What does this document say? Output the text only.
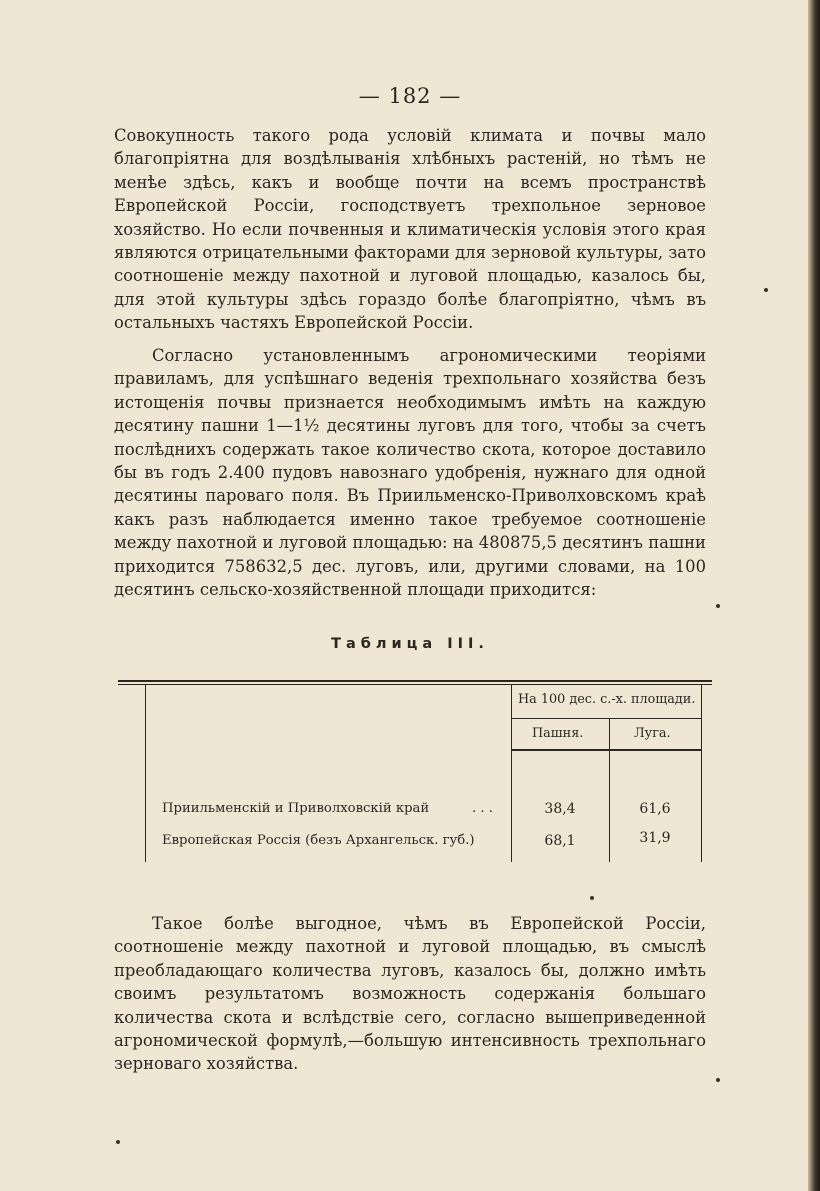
— 182 —

Совокупность такого рода условій климата и почвы мало благопріятна для воздѣлыванія хлѣбныхъ растеній, но тѣмъ не менѣе здѣсь, какъ и вообще почти на всемъ пространствѣ Европейской Россіи, господствуетъ трехпольное зерновое хозяйство. Но если почвенныя и климатическія условія этого края являются отрицательными факторами для зерновой культуры, зато соотношеніе между пахотной и луговой площадью, казалось бы, для этой культуры здѣсь гораздо болѣе благопріятно, чѣмъ въ остальныхъ частяхъ Европейской Россіи.

Согласно установленнымъ агрономическими теоріями правиламъ, для успѣшнаго веденія трехпольнаго хозяйства безъ истощенія почвы признается необходимымъ имѣть на каждую десятину пашни 1—1½ десятины луговъ для того, чтобы за счетъ послѣднихъ содержать такое количество скота, которое доставило бы въ годъ 2.400 пудовъ навознаго удобренія, нужнаго для одной десятины пароваго поля. Въ Приильменско-Приволховскомъ краѣ какъ разъ наблюдается именно такое требуемое соотношеніе между пахотной и луговой площадью: на 480875,5 десятинъ пашни приходится 758632,5 дес. луговъ, или, другими словами, на 100 десятинъ сельско-хозяйственной площади приходится:

Таблица III.
На 100 дес. с.-х. площади.
Пашня.	Луга.
Приильменскій и Приволховскій край	. . .	38,4	61,6
Европейская Россія (безъ Архангельск. губ.)	68,1	31,9

Такое болѣе выгодное, чѣмъ въ Европейской Россіи, соотношеніе между пахотной и луговой площадью, въ смыслѣ преобладающаго количества луговъ, казалось бы, должно имѣть своимъ результатомъ возможность содержанія большаго количества скота и вслѣдствіе сего, согласно вышеприведенной агрономической формулѣ,—большую интенсивность трехпольнаго зерноваго хозяйства.
